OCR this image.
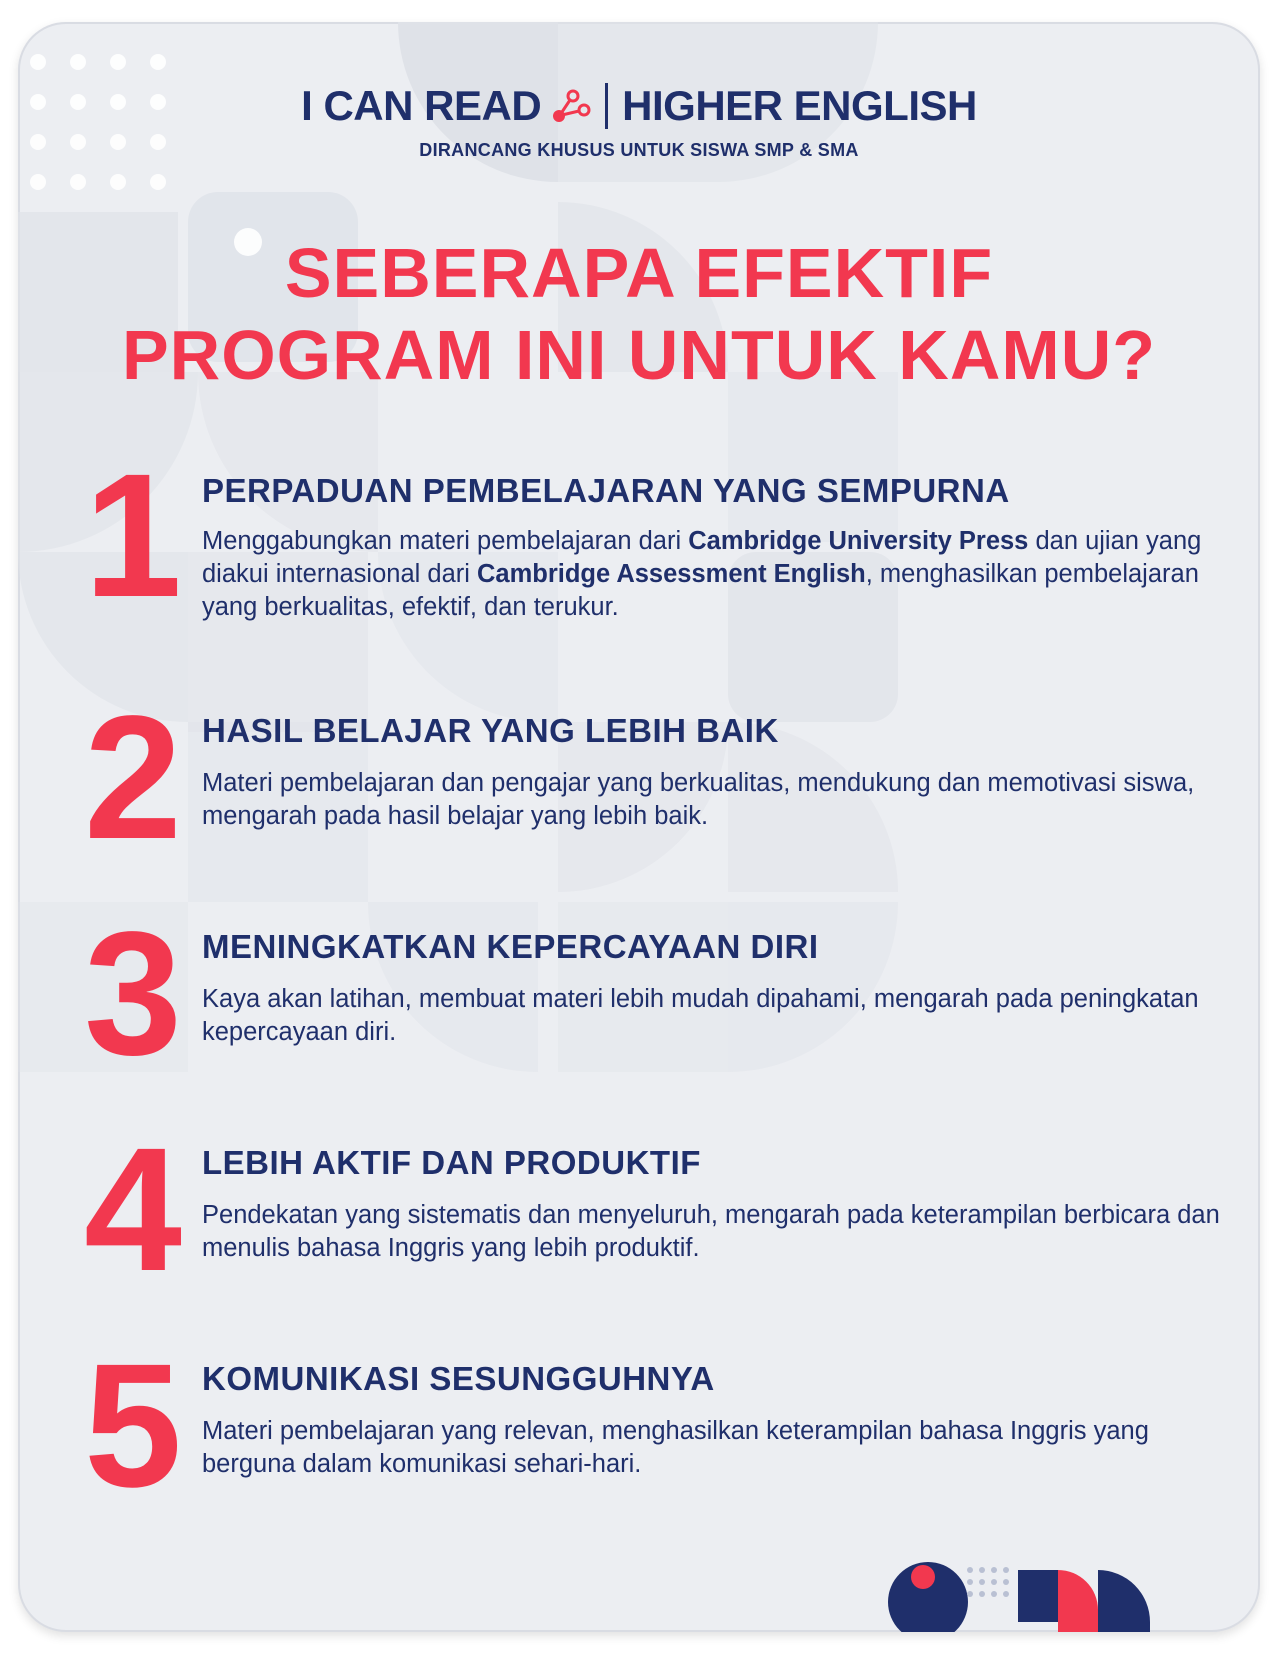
I CAN READ HIGHER ENGLISH
DIRANCANG KHUSUS UNTUK SISWA SMP & SMA
SEBERAPA EFEKTIF
PROGRAM INI UNTUK KAMU?
1 PERPADUAN PEMBELAJARAN YANG SEMPURNA
Menggabungkan materi pembelajaran dari Cambridge University Press dan ujian yang diakui internasional dari Cambridge Assessment English, menghasilkan pembelajaran yang berkualitas, efektif, dan terukur.
2 HASIL BELAJAR YANG LEBIH BAIK
Materi pembelajaran dan pengajar yang berkualitas, mendukung dan memotivasi siswa, mengarah pada hasil belajar yang lebih baik.
3 MENINGKATKAN KEPERCAYAAN DIRI
Kaya akan latihan, membuat materi lebih mudah dipahami, mengarah pada peningkatan kepercayaan diri.
4 LEBIH AKTIF DAN PRODUKTIF
Pendekatan yang sistematis dan menyeluruh, mengarah pada keterampilan berbicara dan menulis bahasa Inggris yang lebih produktif.
5 KOMUNIKASI SESUNGGUHNYA
Materi pembelajaran yang relevan, menghasilkan keterampilan bahasa Inggris yang berguna dalam komunikasi sehari-hari.
